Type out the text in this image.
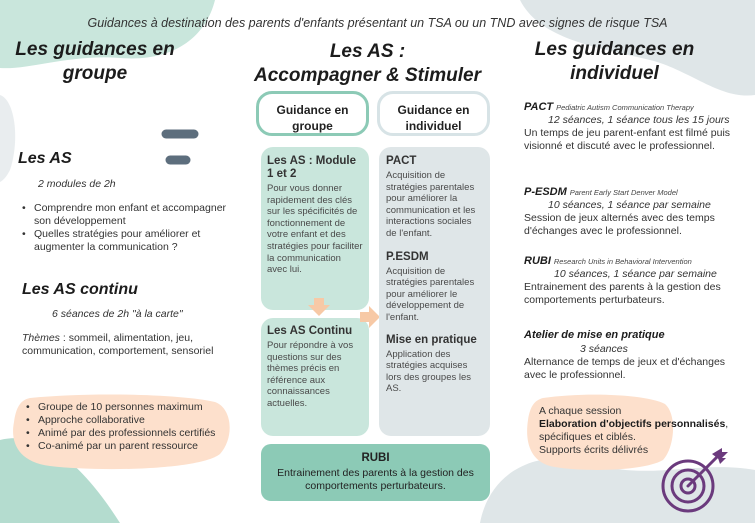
Guidances à destination des parents d'enfants présentant un TSA ou un TND avec signes de risque TSA
Les guidances en groupe
Les AS
2 modules de 2h
• Comprendre mon enfant et accompagner son développement
• Quelles stratégies pour améliorer et augmenter la communication ?
Les AS continu
6 séances de 2h "à la carte"
Thèmes : sommeil, alimentation, jeu, communication, comportement, sensoriel
• Groupe de 10 personnes maximum
• Approche collaborative
• Animé par des professionnels certifiés
• Co-animé par un parent ressource
Les AS :
Accompagner & Stimuler
Guidance en groupe
Guidance en individuel
Les AS : Module 1 et 2
Pour vous donner rapidement des clés sur les spécificités de fonctionnement de votre enfant et des stratégies pour faciliter la communication avec lui.
Les AS Continu
Pour répondre à vos questions sur des thèmes précis en référence aux connaissances actuelles.
PACT
Acquisition de stratégies parentales pour améliorer la communication et les interactions sociales de l'enfant.
P.ESDM
Acquisition de stratégies parentales pour améliorer le développement de l'enfant.
Mise en pratique
Application des stratégies acquises lors des groupes les AS.
RUBI
Entrainement des parents à la gestion des comportements perturbateurs.
Les guidances en individuel
PACT Pediatric Autism Communication Therapy
12 séances, 1 séance tous les 15 jours
Un temps de jeu parent-enfant est filmé puis visionné et discuté avec le professionnel.
P-ESDM Parent Early Start Denver Model
10 séances, 1 séance par semaine
Session de jeux alternés avec des temps d'échanges avec le professionnel.
RUBI Research Units in Behavioral Intervention
10 séances, 1 séance par semaine
Entrainement des parents à la gestion des comportements perturbateurs.
Atelier de mise en pratique
3 séances
Alternance de temps de jeux et d'échanges avec le professionnel.
A chaque session
Elaboration d'objectifs personnalisés, spécifiques et ciblés.
Supports écrits délivrés
